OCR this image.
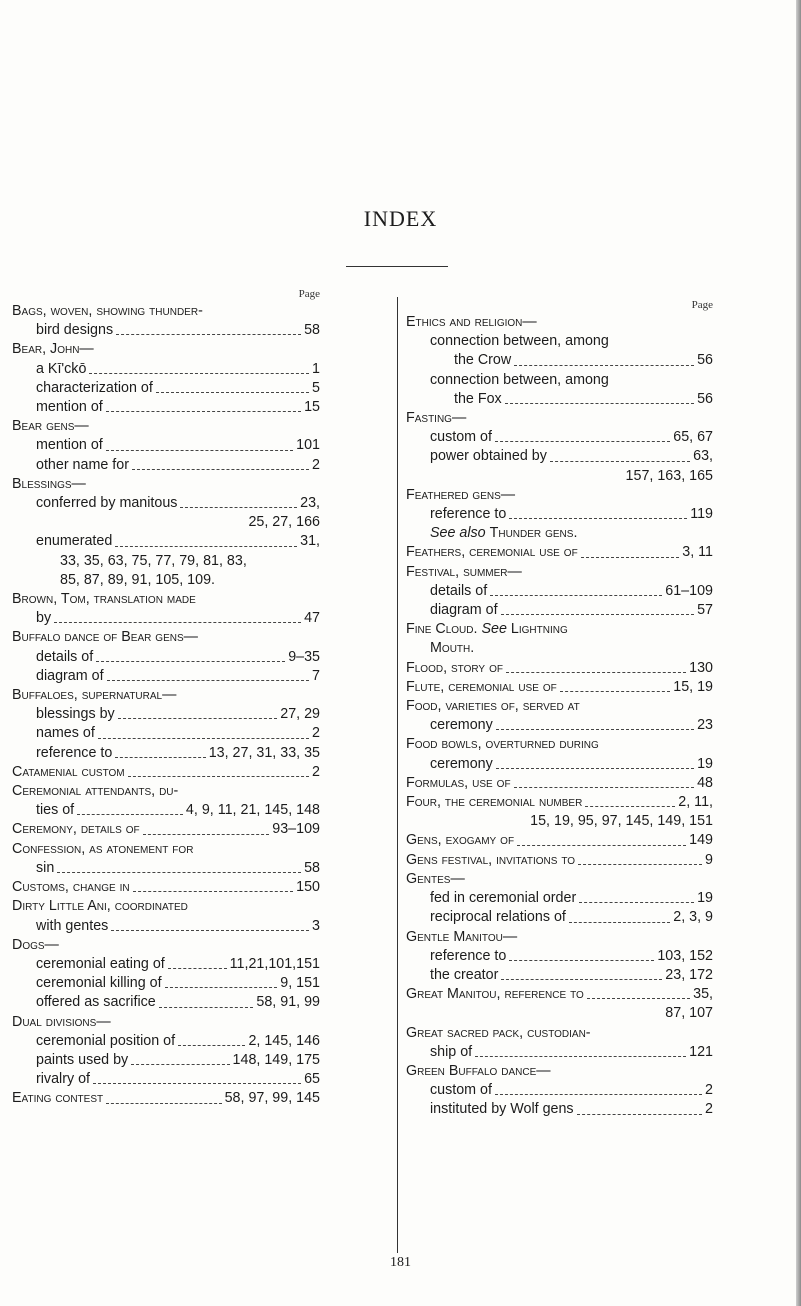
INDEX
Page
Bags, woven, showing thunder-
bird designs	58
Bear, John—
a Kī'ckō	1
characterization of	5
mention of	15
Bear gens—
mention of	101
other name for	2
Blessings—
conferred by manitous	23,
25, 27, 166
enumerated	31,
33, 35, 63, 75, 77, 79, 81, 83,
85, 87, 89, 91, 105, 109.
Brown, Tom, translation made
by	47
Buffalo dance of Bear gens—
details of	9–35
diagram of	7
Buffaloes, supernatural—
blessings by	27, 29
names of	2
reference to	13, 27, 31, 33, 35
Catamenial custom	2
Ceremonial attendants, du-
ties of	4, 9, 11, 21, 145, 148
Ceremony, details of	93–109
Confession, as atonement for
sin	58
Customs, change in	150
Dirty Little Ani, coordinated
with gentes	3
Dogs—
ceremonial eating of	11,21,101,151
ceremonial killing of	9, 151
offered as sacrifice	58, 91, 99
Dual divisions—
ceremonial position of	2, 145, 146
paints used by	148, 149, 175
rivalry of	65
Eating contest	58, 97, 99, 145
Page
Ethics and religion—
connection between, among
the Crow	56
connection between, among
the Fox	56
Fasting—
custom of	65, 67
power obtained by	63,
157, 163, 165
Feathered gens—
reference to	119
See also Thunder gens.
Feathers, ceremonial use of	3, 11
Festival, summer—
details of	61–109
diagram of	57
Fine Cloud. See Lightning
Mouth.
Flood, story of	130
Flute, ceremonial use of	15, 19
Food, varieties of, served at
ceremony	23
Food bowls, overturned during
ceremony	19
Formulas, use of	48
Four, the ceremonial number	2, 11,
15, 19, 95, 97, 145, 149, 151
Gens, exogamy of	149
Gens festival, invitations to	9
Gentes—
fed in ceremonial order	19
reciprocal relations of	2, 3, 9
Gentle Manitou—
reference to	103, 152
the creator	23, 172
Great Manitou, reference to	35,
87, 107
Great sacred pack, custodian-
ship of	121
Green Buffalo dance—
custom of	2
instituted by Wolf gens	2
181
